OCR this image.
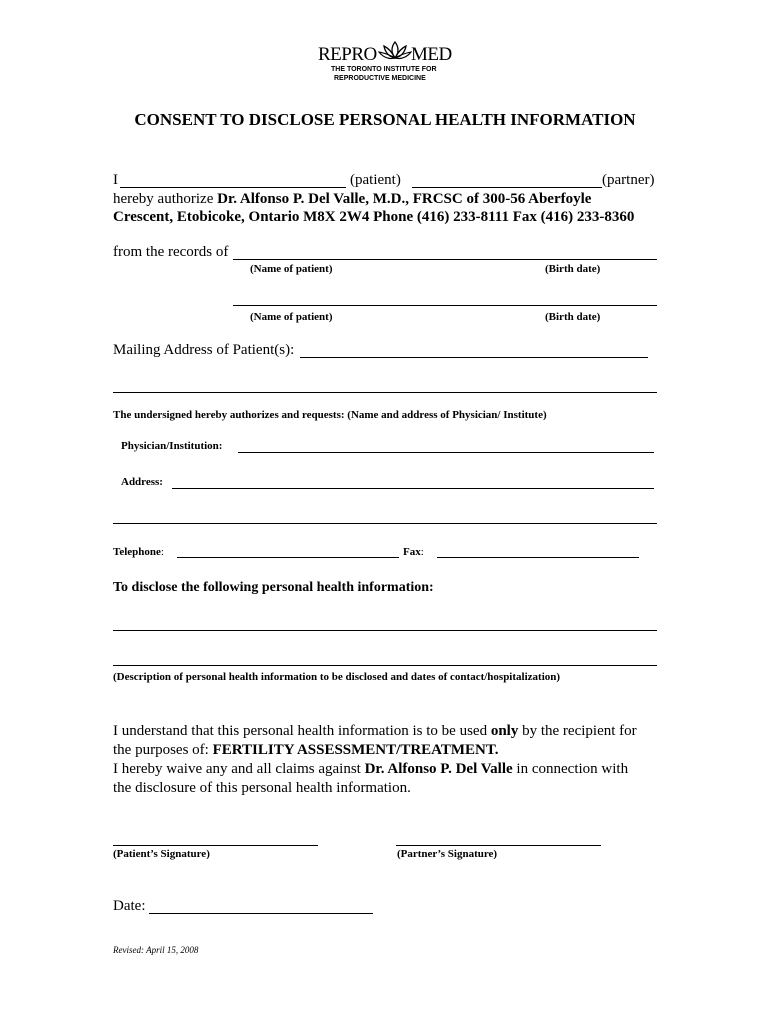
REPRO MED
THE TORONTO INSTITUTE FOR
REPRODUCTIVE MEDICINE
CONSENT TO DISCLOSE PERSONAL HEALTH INFORMATION
I	(patient)	(partner)
hereby authorize Dr. Alfonso P. Del Valle, M.D., FRCSC of 300-56 Aberfoyle
Crescent, Etobicoke, Ontario M8X 2W4 Phone (416) 233-8111 Fax (416) 233-8360
from the records of
(Name of patient)	(Birth date)
(Name of patient)	(Birth date)
Mailing Address of Patient(s):
The undersigned hereby authorizes and requests: (Name and address of Physician/ Institute)
Physician/Institution:
Address:
Telephone:	Fax:
To disclose the following personal health information:
(Description of personal health information to be disclosed and dates of contact/hospitalization)
I understand that this personal health information is to be used only by the recipient for
the purposes of: FERTILITY ASSESSMENT/TREATMENT.
I hereby waive any and all claims against Dr. Alfonso P. Del Valle in connection with
the disclosure of this personal health information.
(Patient’s Signature)	(Partner’s Signature)
Date:
Revised: April 15, 2008
